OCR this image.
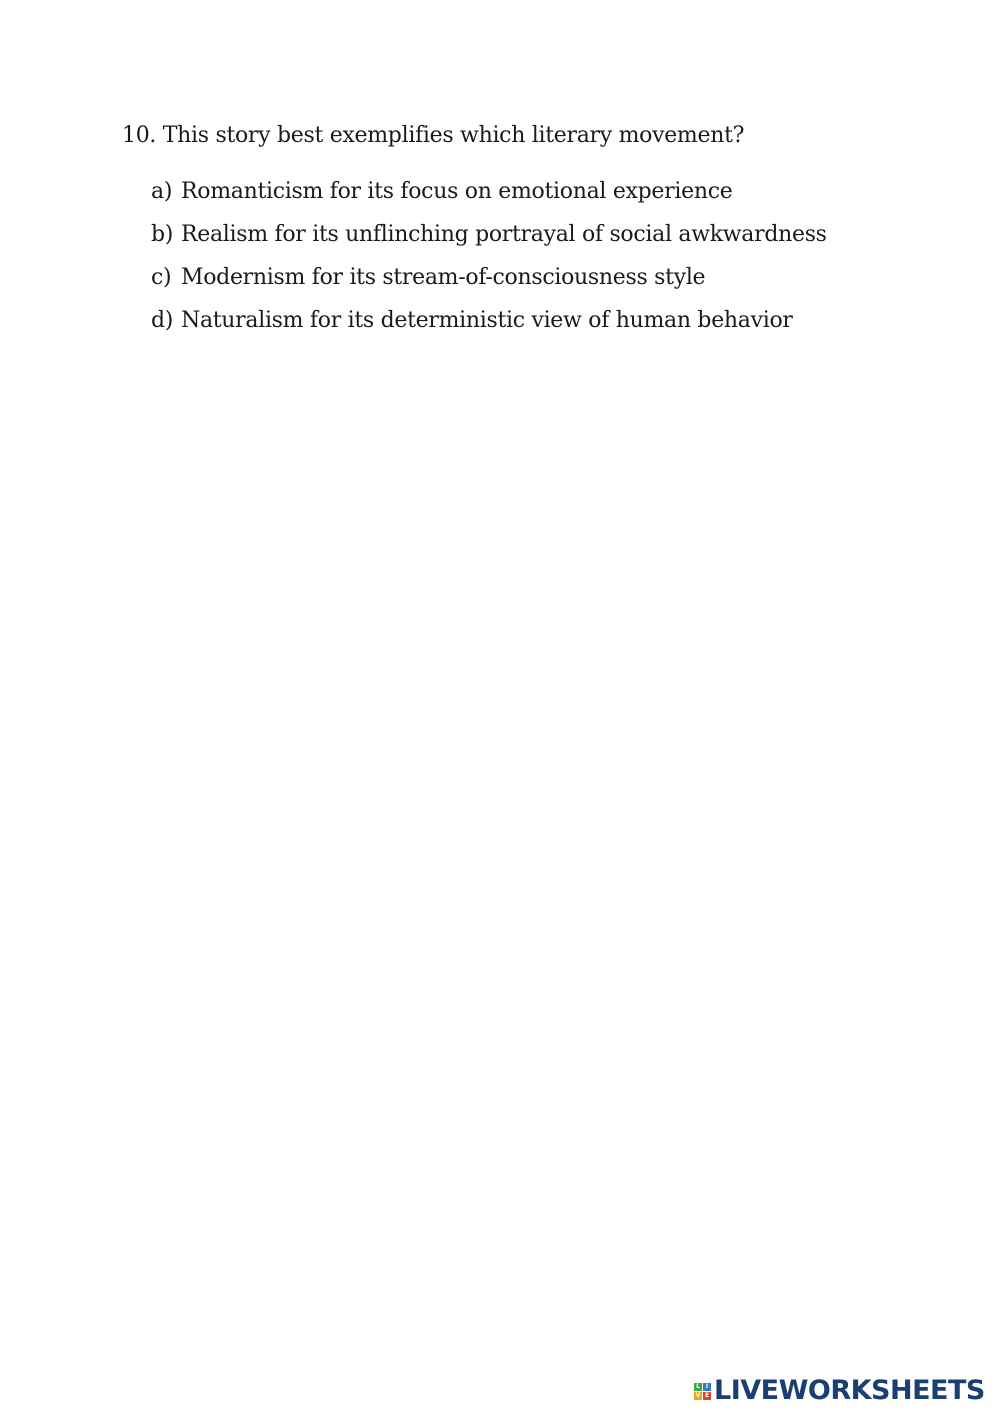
10. This story best exemplifies which literary movement?
a) Romanticism for its focus on emotional experience
b) Realism for its unflinching portrayal of social awkwardness
c) Modernism for its stream-of-consciousness style
d) Naturalism for its deterministic view of human behavior
L I
V E LIVEWORKSHEETS
